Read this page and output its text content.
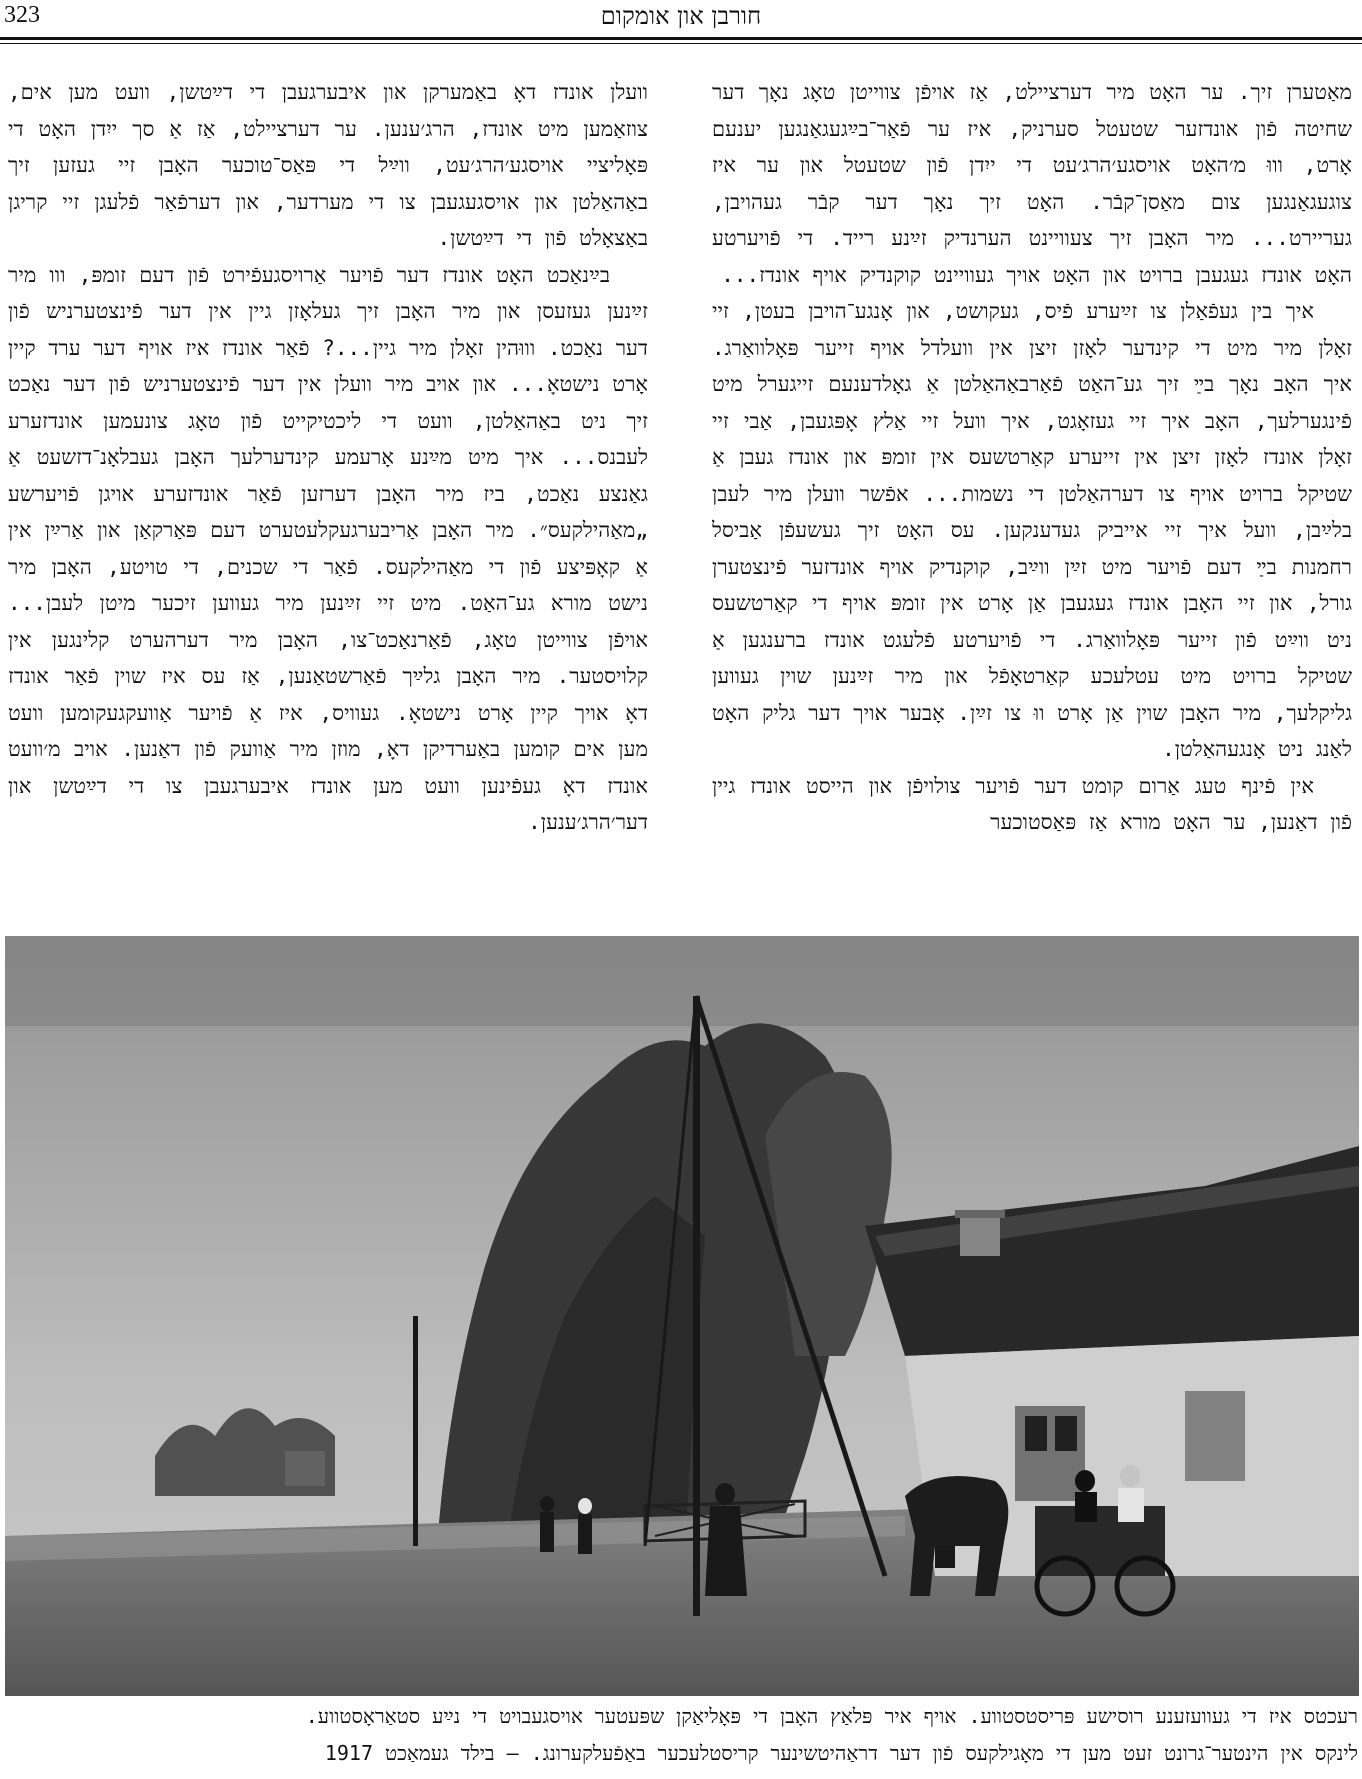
323	חורבן און אומקום

מאַטערן זיך. ער האָט מיר דערציילט, אַז אויפֿן צווייטן טאָג נאָך דער שחיטה פֿון אונדזער שטעטל סערניק, איז ער פֿאַר־בײַגעגאַנגען יענעם אָרט, וווּ מ׳האָט אויסגע׳הרג׳עט די ייִדן פֿון שטעטל און ער איז צוגעגאַנגען צום מאַסן־קבֿר. האָט זיך נאָך דער קבֿר געהויבן, געריירט... מיר האָבן זיך צעוויינט הערנדיק זײַנע רייד. די פֿויערטע האָט אונדז געגעבן ברויט און האָט אויך געוויינט קוקנדיק אויף אונדז...

איך בין געפֿאַלן צו זײַערע פֿיס, געקושט, און אָנגע־הויבן בעטן, זיי זאָלן מיר מיט די קינדער לאָזן זיצן אין וועלדל אויף זייער פּאָלוואַרג. איך האָב נאָך בײַ זיך גע־האַט פֿאַרבאַהאַלטן אַ גאָלדענעם זייגערל מיט פֿינגערלעך, האָב איך זיי געזאָגט, איך וועל זיי אַלץ אָפּגעבן, אַבי זיי זאָלן אונדז לאָזן זיצן אין זייערע קאַרטשעס אין זומפּ און אונדז געבן אַ שטיקל ברויט אויף צו דערהאַלטן די נשמות... אפֿשר וועלן מיר לעבן בלײַבן, וועל איך זיי אייביק געדענקען. עס האָט זיך געשעפֿן אַביסל רחמנות בײַ דעם פֿויער מיט זײַן ווײַב, קוקנדיק אויף אונדזער פֿינצטערן גורל, און זיי האָבן אונדז געגעבן אַן אָרט אין זומפּ אויף די קאַרטשעס ניט ווײַט פֿון זייער פּאָלוואַרג. די פֿויערטע פֿלעגט אונדז ברענגען אַ שטיקל ברויט מיט עטלעכע קאַרטאָפֿל און מיר זײַנען שוין געווען גליקלעך, מיר האָבן שוין אַן אָרט ווּ צו זײַן. אָבער אויך דער גליק האָט לאַנג ניט אָנגעהאַלטן.

אין פֿינף טעג אַרום קומט דער פֿויער צולויפֿן און הייסט אונדז גיין פֿון דאַנען, ער האָט מורא אַז פּאַסטוכער

וועלן אונדז דאָ באַמערקן און איבערגעבן די דײַטשן, וועט מען אים, צוזאַמען מיט אונדז, הרג׳ענען. ער דערציילט, אַז אַ סך ייִדן האָט די פּאָליציי אויסגע׳הרג׳עט, ווײַל די פּאַס־טוכער האָבן זיי געזען זיך באַהאַלטן און אויסגעגעבן צו די מערדער, און דערפֿאַר פֿלעגן זיי קריגן באַצאָלט פֿון די דײַטשן.

בײַנאַכט האָט אונדז דער פֿויער אַרויסגעפֿירט פֿון דעם זומפּ, ווו מיר זײַנען געזעסן און מיר האָבן זיך געלאָזן גיין אין דער פֿינצטערניש פֿון דער נאַכט. וווּהין זאָלן מיר גיין...? פֿאַר אונדז איז אויף דער ערד קיין אָרט נישטאָ... און אויב מיר וועלן אין דער פֿינצטערניש פֿון דער נאַכט זיך ניט באַהאַלטן, וועט די ליכטיקייט פֿון טאָג צונעמען אונדזערע לעבנס... איך מיט מײַנע אָרעמע קינדערלעך האָבן געבלאָנ־דזשעט אַ גאַנצע נאַכט, ביז מיר האָבן דערזען פֿאַר אונדזערע אויגן פֿויערשע „מאַהילקעס״. מיר האָבן אַריבערגעקלעטערט דעם פּאַרקאַן און אַרײַן אין אַ קאָפּיצע פֿון די מאַהילקעס. פֿאַר די שכנים, די טויטע, האָבן מיר נישט מורא גע־האַט. מיט זיי זײַנען מיר געווען זיכער מיטן לעבן... אויפֿן צווייטן טאָג, פֿאַרנאַכט־צו, האָבן מיר דערהערט קלינגען אין קלויסטער. מיר האָבן גלײַך פֿאַרשטאַנען, אַז עס איז שוין פֿאַר אונדז דאָ אויך קיין אָרט נישטאָ. געוויס, איז אַ פֿויער אַוועקגעקומען וועט מען אים קומען באַערדיקן דאָ, מוזן מיר אַוועק פֿון דאַנען. אויב מ׳וועט אונדז דאָ געפֿינען וועט מען אונדז איבערגעבן צו די דײַטשן און דער׳הרג׳ענען.

רעכטס איז די געוועזענע רוסישע פּריסטסטווע. אויף איר פּלאַץ האָבן די פּאָליאַקן שפּעטער אויסגעבויט די נײַע סטאַראָסטווע.

לינקס אין הינטער־גרונט זעט מען די מאָגילקעס פֿון דער דראַהיטשינער קריסטלעכער באַפֿעלקערונג. — בילד געמאַכט 1917
